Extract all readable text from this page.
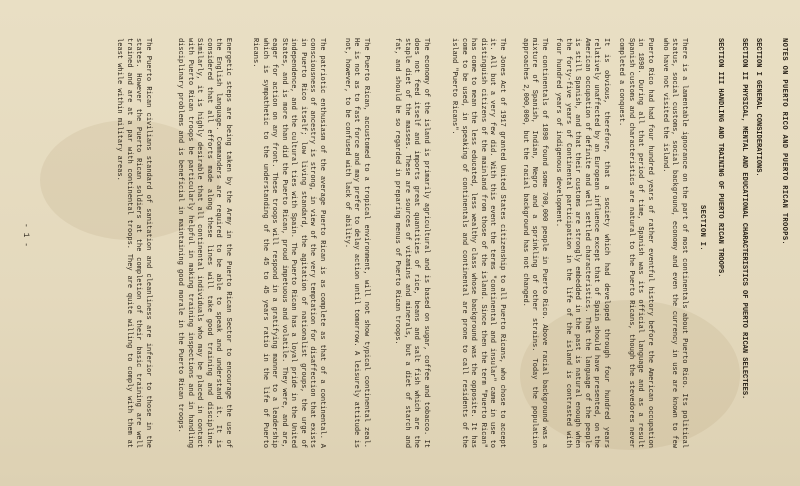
NOTES ON PUERTO RICO AND PUERTO RICAN TROOPS.

SECTION I GENERAL CONSIDERATIONS.

SECTION II PHYSICAL, MENTAL AND EDUCATIONAL CHARACTERISTICS OF PUERTO RICAN SELECTEES.

SECTION III HANDLING AND TRAINING OF PUERTO RICAN TROOPS.

SECTION I.

There is a lamentable ignorance on the part of most continentals about Puerto Rico. Its political status, social customs, social background, economy and even the currency in use are known to few who have not visited the island.

Puerto Rico had had four hundred years of rather eventful history before the American occupation in 1898. During all that period of time, Spanish was its official language and as a result Spanish customs and characteristics are natural to the Puerto Ricans, though the stevedores never completed a conquest.

It is obvious, therefore, that a society which had developed through four hundred years relatively unaffected by an European influence except that of Spain should have presented, on the American occupation of definite and well settled characteristics. That the language of the people is still Spanish, and that their customs are strongly embedded in the past is natural enough when the forty-five years of Continental participation in the life of the island is contrasted with four hundred years of indigenous development.

The continentals of 1898 found some 700,000 people in Puerto Rico. Above racial background was a mixture of Spanish, Indian, Negro and a sprinkling of other strains. Today the population approaches 2,000,000, but the racial background has not changed.

The Jones Act of 1917 granted United States citizenship to all Puerto Ricans, who chose to accept it. All but a very few did. With this event the terms "continental and insular" came in use to distinguish citizens of the mainland from those of the island. Since then the term "Puerto Rican" has come to mean the less educated, less wealthy class whose background was the opposite. It has come to be used, in speaking of continentals and continental are prone to call residents of the island "Puerto Ricans".

The economy of the island is primarily agricultural and is based on sugar, coffee and tobacco. It does not feed itself and imports great quantities of rice, beans and salt fish which are the staple diet of the masses. These are sources of vitamins and minerals, but a diet of starch and fat, and should be so regarded in preparing menus of Puerto Rican troops.

The Puerto Rican, accustomed to a tropical environment, will not show typical continental zeal. He is not as to fast force and may prefer to delay action until tomorrow. A leisurely attitude is not, however, to be confused with lack of ability.

The patriotic enthusiasm of the average Puerto Rican is as complete as that of a continental. A consciousness of ancestry is strong, in view of the very temptation for disaffection that exists in Puerto Rico itself; low living standard, the agitation of nationalist groups, the urge of independence, and the cultural ties with Spain. The Puerto Rican has a loyal pride in the United States, and is more than did the Puerto Rican, proud impetuous and volatile. They were, and are, eager for action on any front. These troops will respond in a gratifying manner to a leadership which is sympathetic to the understanding of the 45 to 45 years ratio in the life of Puerto Ricans.

Energetic steps are being taken by the Army in the Puerto Rican Sector to encourage the use of the English language. Commanders are required to be able to speak and understand it. It is considered that all efforts made along these lines will take good training and discipline. Similarly, it is highly desirable that all continental individuals who may be placed in contact with Puerto Rican troops be particularly helpful in making training inspections and in handling disciplinary problems and is beneficial in maintaining good morale in the Puerto Rican troops.

The Puerto Rican civilians standard of sanitation and cleanliness are inferior to those in the states. However the Puerto Rican soldiers at the completion of their basic training are well trained and are at a par with continental troops. They are quite willing to comply with them at least while within military areas.

- 1 -
